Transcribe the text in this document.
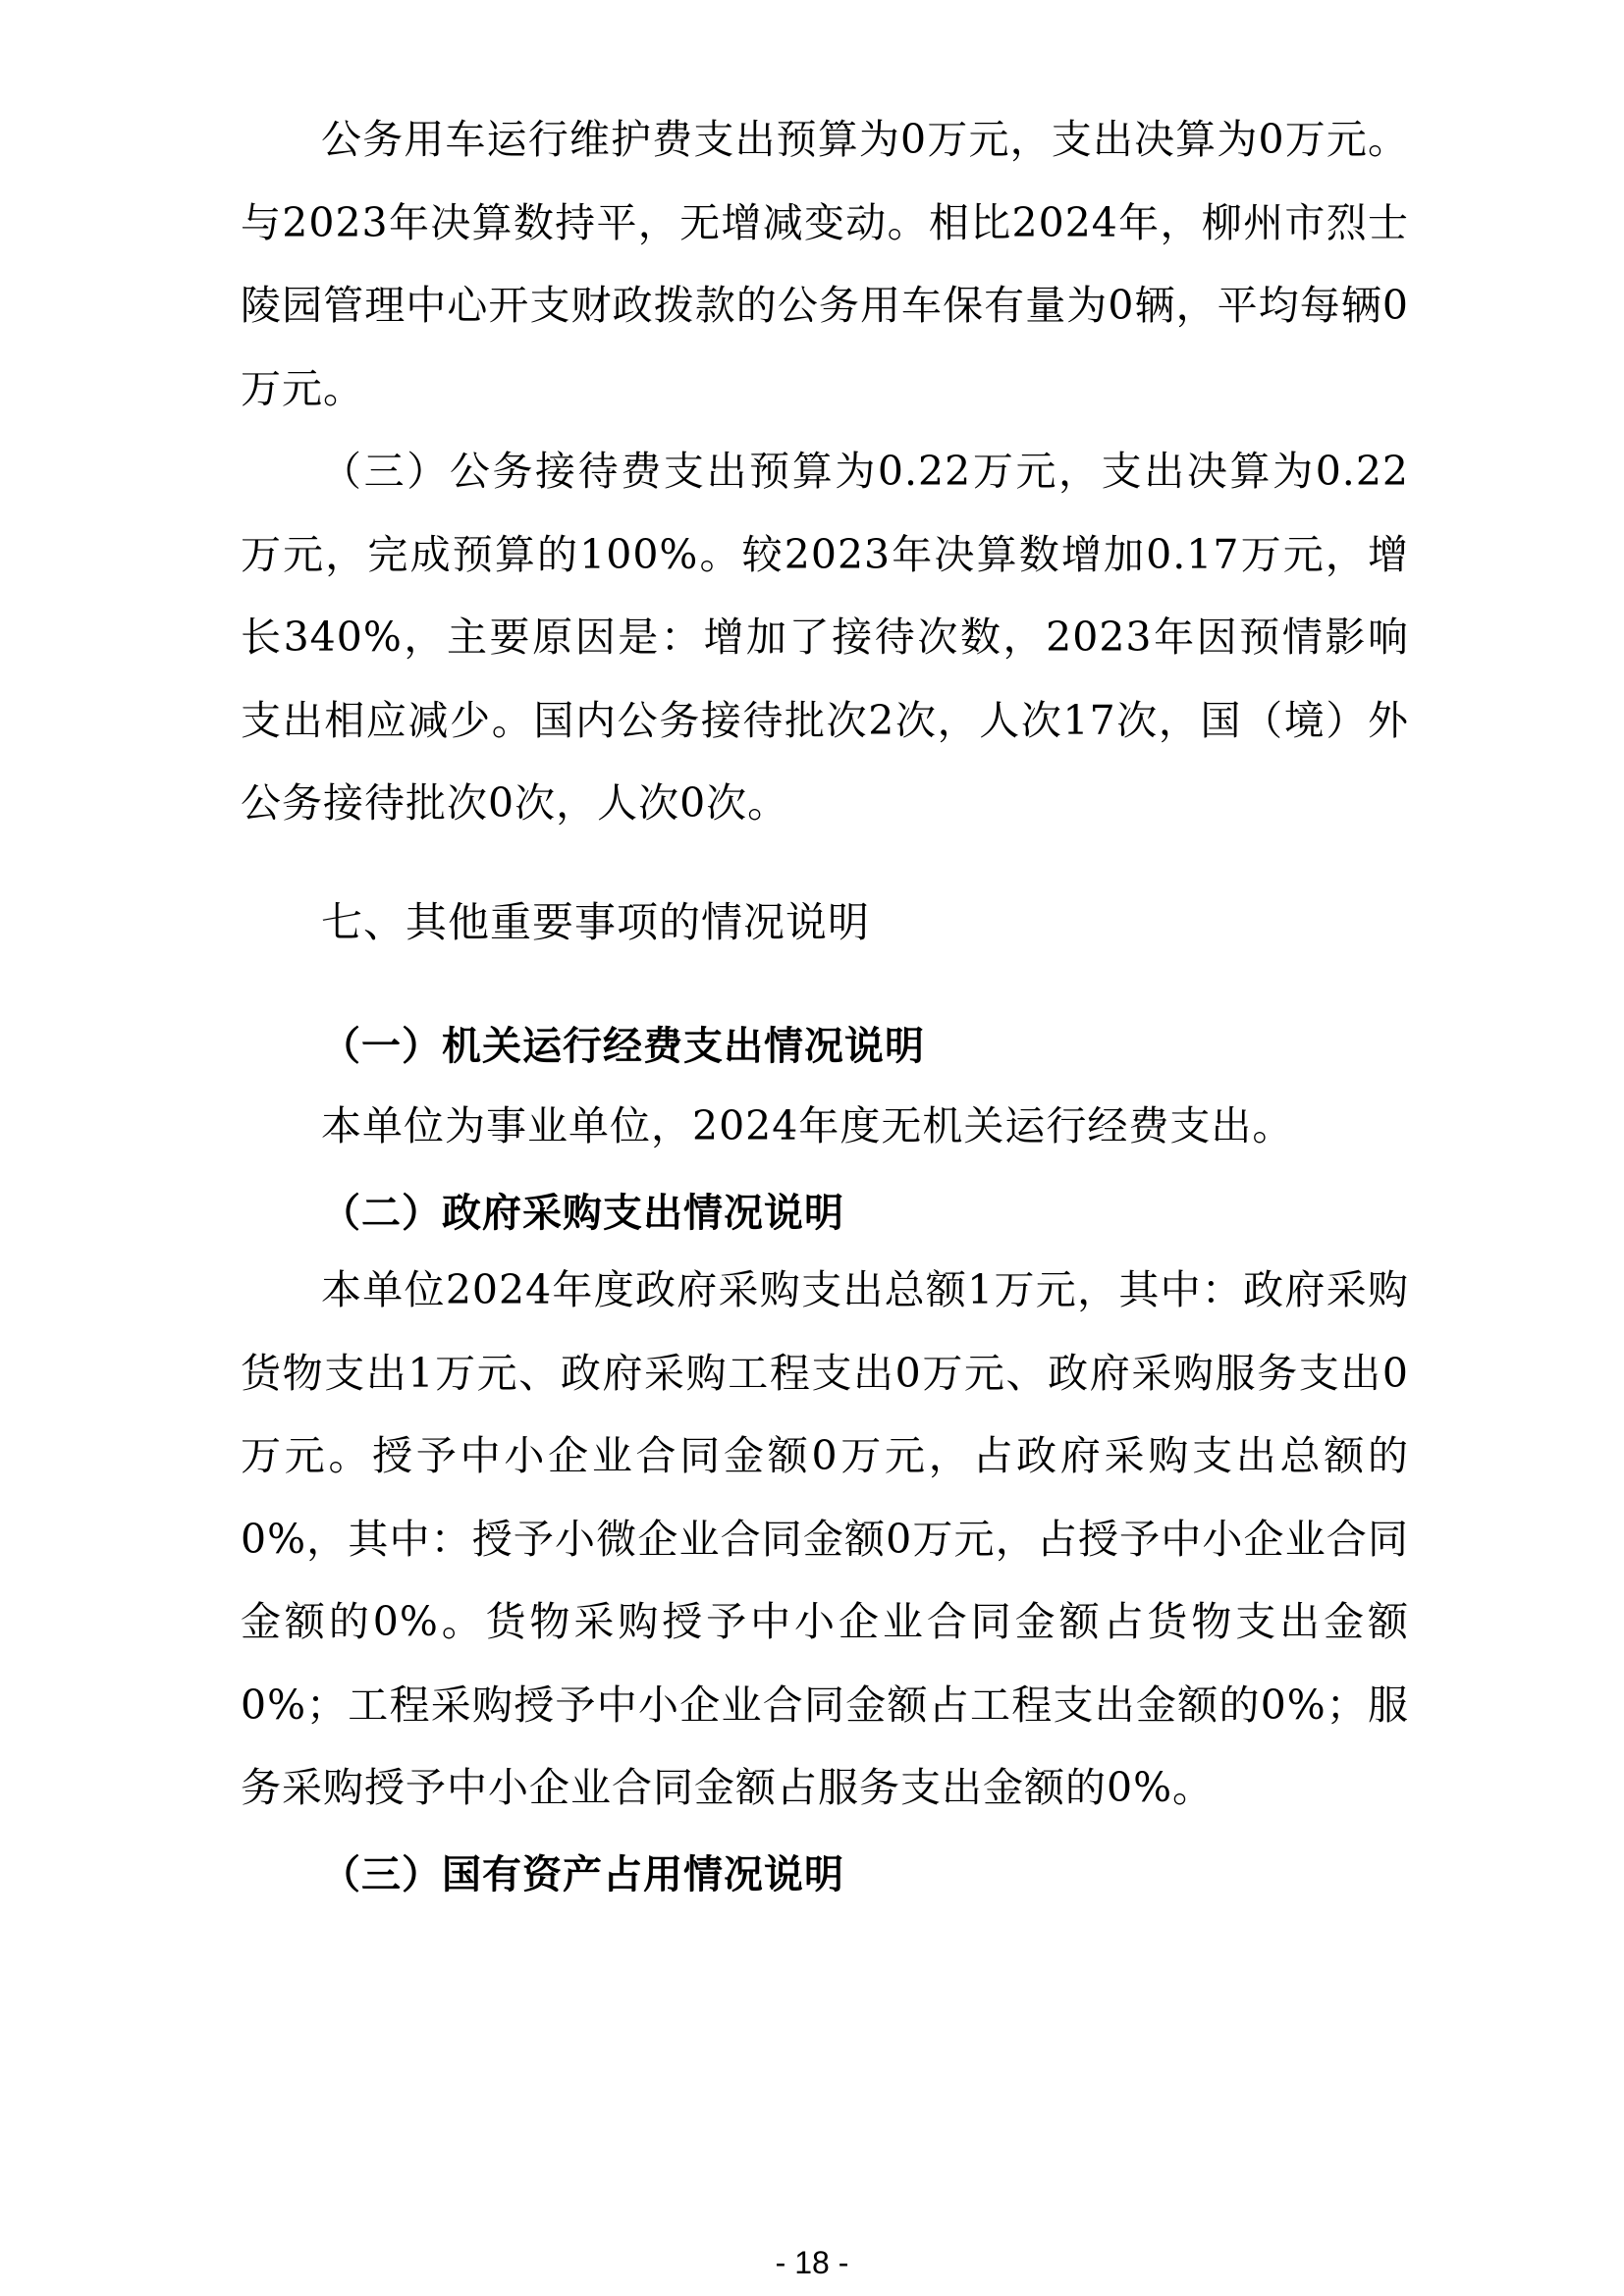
公务用车运行维护费支出预算为0万元，支出决算为0万元。与2023年决算数持平，无增减变动。相比2024年，柳州市烈士陵园管理中心开支财政拨款的公务用车保有量为0辆，平均每辆0万元。

（三）公务接待费支出预算为0.22万元，支出决算为0.22万元，完成预算的100%。较2023年决算数增加0.17万元，增长340%，主要原因是：增加了接待次数，2023年因预情影响支出相应减少。国内公务接待批次2次，人次17次，国（境）外公务接待批次0次，人次0次。

七、其他重要事项的情况说明
（一）机关运行经费支出情况说明

本单位为事业单位，2024年度无机关运行经费支出。

（二）政府采购支出情况说明

本单位2024年度政府采购支出总额1万元，其中：政府采购货物支出1万元、政府采购工程支出0万元、政府采购服务支出0万元。授予中小企业合同金额0万元，占政府采购支出总额的0%，其中：授予小微企业合同金额0万元，占授予中小企业合同金额的0%。货物采购授予中小企业合同金额占货物支出金额0%；工程采购授予中小企业合同金额占工程支出金额的0%；服务采购授予中小企业合同金额占服务支出金额的0%。

（三）国有资产占用情况说明
- 18 -
